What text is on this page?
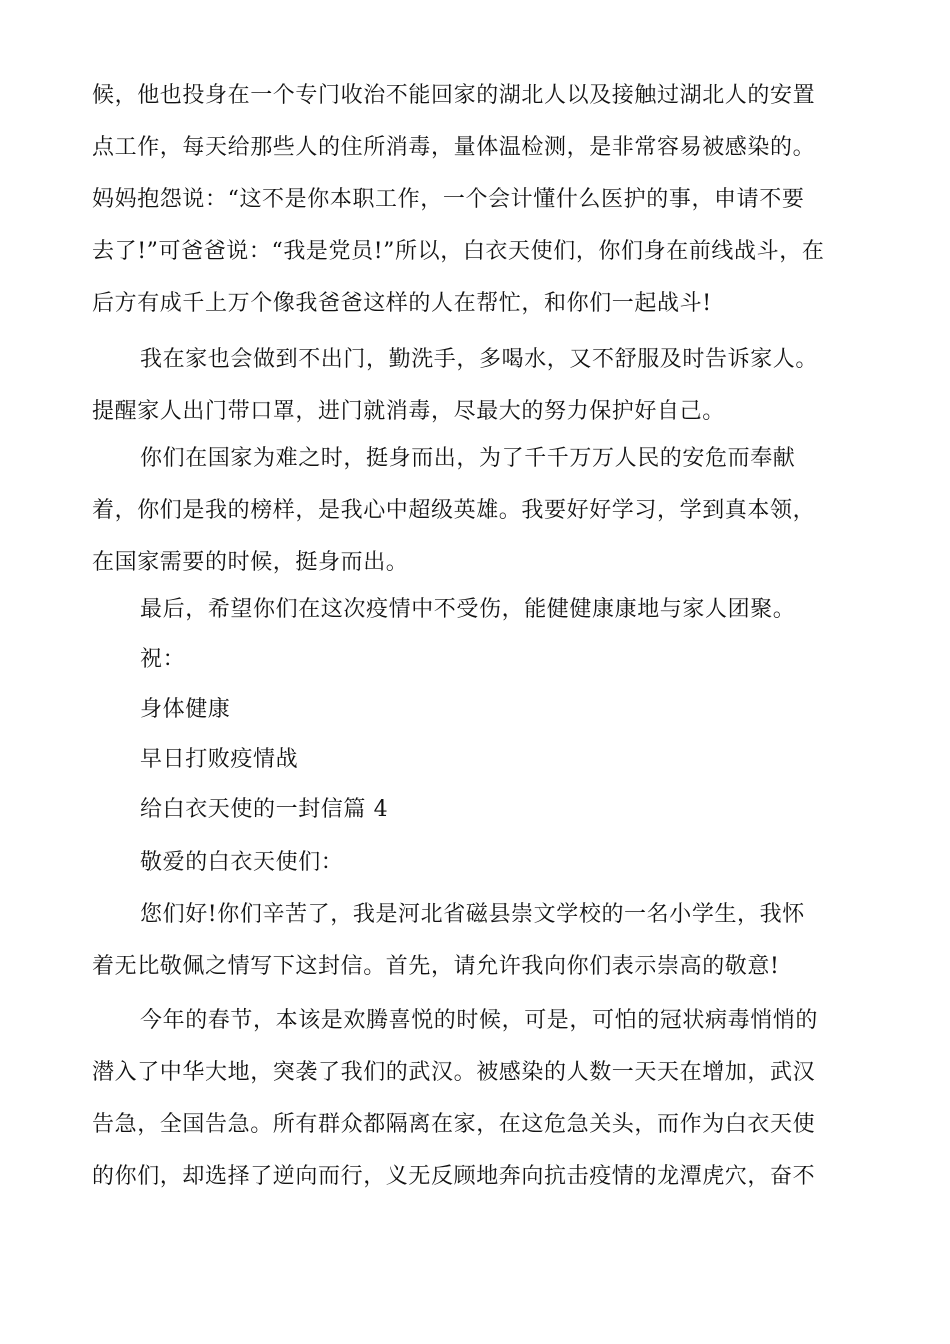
候，他也投身在一个专门收治不能回家的湖北人以及接触过湖北人的安置
点工作，每天给那些人的住所消毒，量体温检测，是非常容易被感染的。
妈妈抱怨说：“这不是你本职工作，一个会计懂什么医护的事，申请不要
去了!”可爸爸说：“我是党员!”所以，白衣天使们，你们身在前线战斗，在
后方有成千上万个像我爸爸这样的人在帮忙，和你们一起战斗!

我在家也会做到不出门，勤洗手，多喝水，又不舒服及时告诉家人。
提醒家人出门带口罩，进门就消毒，尽最大的努力保护好自己。

你们在国家为难之时，挺身而出，为了千千万万人民的安危而奉献
着，你们是我的榜样，是我心中超级英雄。我要好好学习，学到真本领，
在国家需要的时候，挺身而出。

最后，希望你们在这次疫情中不受伤，能健健康康地与家人团聚。

祝：

身体健康

早日打败疫情战

给白衣天使的一封信篇 4

敬爱的白衣天使们：

您们好!你们辛苦了，我是河北省磁县崇文学校的一名小学生，我怀
着无比敬佩之情写下这封信。首先，请允许我向你们表示崇高的敬意!

今年的春节，本该是欢腾喜悦的时候，可是，可怕的冠状病毒悄悄的
潜入了中华大地，突袭了我们的武汉。被感染的人数一天天在增加，武汉
告急，全国告急。所有群众都隔离在家，在这危急关头，而作为白衣天使
的你们，却选择了逆向而行，义无反顾地奔向抗击疫情的龙潭虎穴，奋不
